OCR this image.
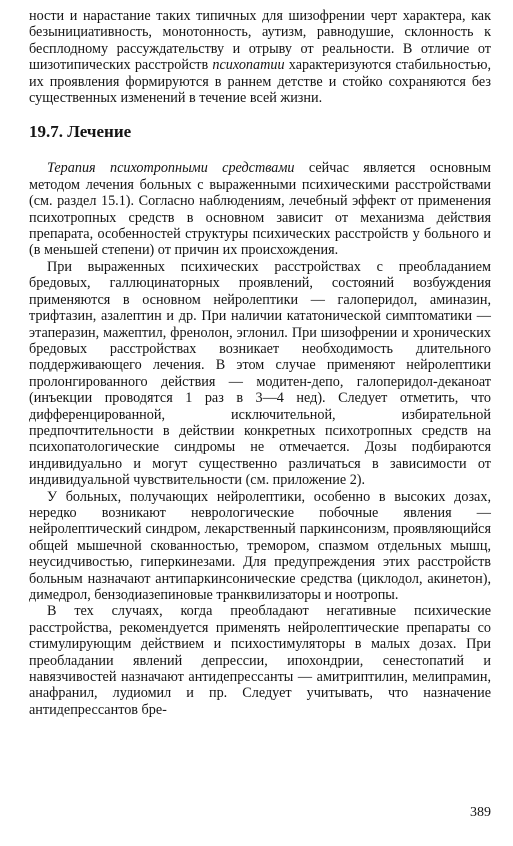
ности и нарастание таких типичных для шизофрении черт характера, как безынициативность, монотонность, аутизм, равнодушие, склонность к бесплодному рассуждательству и отрыву от реальности. В отличие от шизотипических расстройств психопатии характеризуются стабильностью, их проявления формируются в раннем детстве и стойко сохраняются без существенных изменений в течение всей жизни.

19.7. Лечение

Терапия психотропными средствами сейчас является основным методом лечения больных с выраженными психическими расстройствами (см. раздел 15.1). Согласно наблюдениям, лечебный эффект от применения психотропных средств в основном зависит от механизма действия препарата, особенностей структуры психических расстройств у больного и (в меньшей степени) от причин их происхождения.

При выраженных психических расстройствах с преобладанием бредовых, галлюцинаторных проявлений, состояний возбуждения применяются в основном нейролептики — галоперидол, аминазин, трифтазин, азалептин и др. При наличии кататонической симптоматики — этаперазин, мажептил, френолон, эглонил. При шизофрении и хронических бредовых расстройствах возникает необходимость длительного поддерживающего лечения. В этом случае применяют нейролептики пролонгированного действия — модитен-депо, галоперидол-деканоат (инъекции проводятся 1 раз в 3—4 нед). Следует отметить, что дифференцированной, исключительной, избирательной предпочтительности в действии конкретных психотропных средств на психопатологические синдромы не отмечается. Дозы подбираются индивидуально и могут существенно различаться в зависимости от индивидуальной чувствительности (см. приложение 2).

У больных, получающих нейролептики, особенно в высоких дозах, нередко возникают неврологические побочные явления — нейролептический синдром, лекарственный паркинсонизм, проявляющийся общей мышечной скованностью, тремором, спазмом отдельных мышц, неусидчивостью, гиперкинезами. Для предупреждения этих расстройств больным назначают антипаркинсонические средства (циклодол, акинетон), димедрол, бензодиазепиновые транквилизаторы и ноотропы.

В тех случаях, когда преобладают негативные психические расстройства, рекомендуется применять нейролептические препараты со стимулирующим действием и психостимуляторы в малых дозах. При преобладании явлений депрессии, ипохондрии, сенестопатий и навязчивостей назначают антидепрессанты — амитриптилин, мелипрамин, анафранил, лудиомил и пр. Следует учитывать, что назначение антидепрессантов бре-

389
